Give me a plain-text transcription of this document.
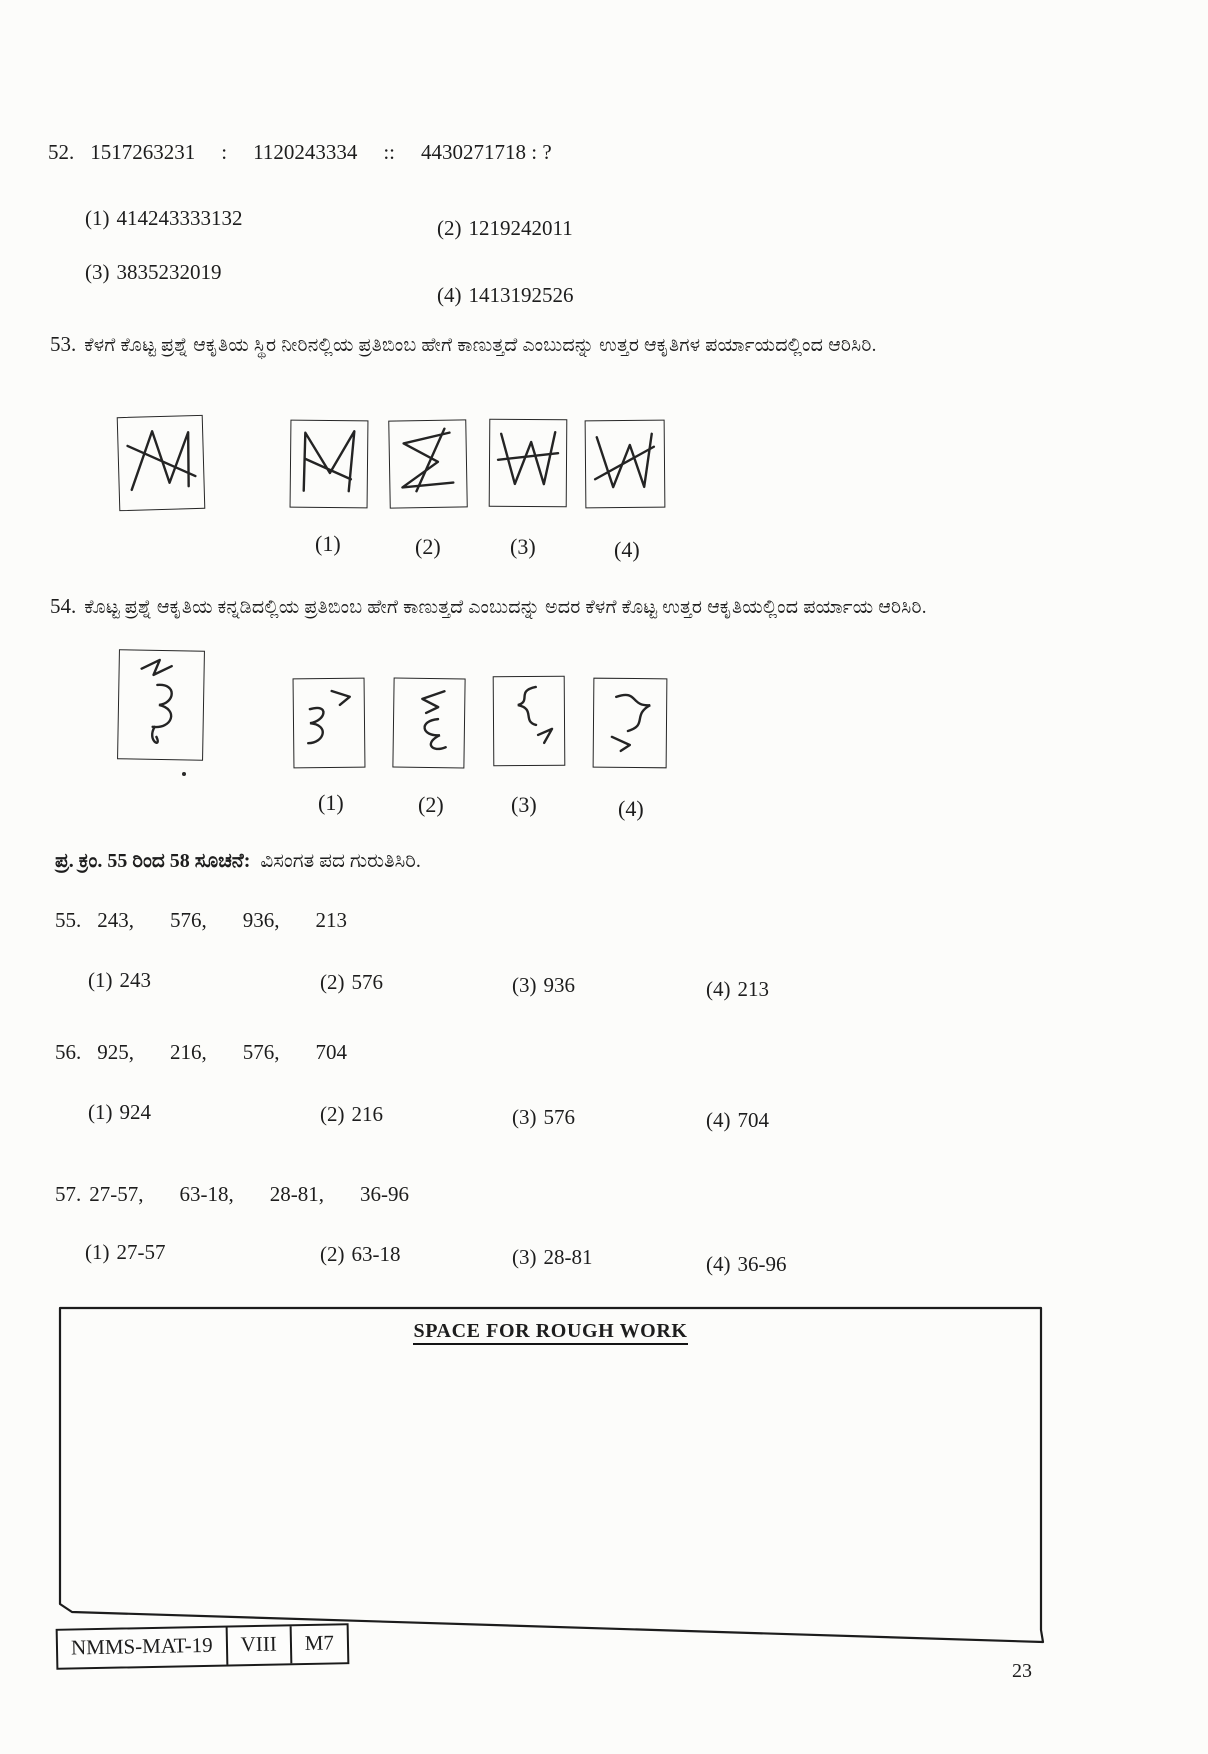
52. 1517263231 : 1120243334 :: 4430271718 : ?
(1) 414243333132	(2) 1219242011
(3) 3835232019
(4) 1413192526
53. ಕೆಳಗೆ ಕೊಟ್ಟ ಪ್ರಶ್ನೆ ಆಕೃತಿಯ ಸ್ಥಿರ ನೀರಿನಲ್ಲಿಯ ಪ್ರತಿಬಿಂಬ ಹೇಗೆ ಕಾಣುತ್ತದೆ ಎಂಬುದನ್ನು ಉತ್ತರ ಆಕೃತಿಗಳ ಪರ್ಯಾಯದಲ್ಲಿಂದ ಆರಿಸಿರಿ.
(1)	(2)	(3)	(4)
54. ಕೊಟ್ಟ ಪ್ರಶ್ನೆ ಆಕೃತಿಯ ಕನ್ನಡಿದಲ್ಲಿಯ ಪ್ರತಿಬಿಂಬ ಹೇಗೆ ಕಾಣುತ್ತದೆ ಎಂಬುದನ್ನು ಅದರ ಕೆಳಗೆ ಕೊಟ್ಟ ಉತ್ತರ ಆಕೃತಿಯಲ್ಲಿಂದ ಪರ್ಯಾಯ ಆರಿಸಿರಿ.
(1)	(2)	(3)	(4)
ಪ್ರ. ಕ್ರಂ. 55 ರಿಂದ 58 ಸೂಚನೆ: ವಿಸಂಗತ ಪದ ಗುರುತಿಸಿರಿ.
55. 243, 576, 936, 213
(1) 243	(2) 576	(3) 936	(4) 213
56. 925, 216, 576, 704
(1) 924	(2) 216	(3) 576	(4) 704
57. 27-57, 63-18, 28-81, 36-96
(1) 27-57	(2) 63-18	(3) 28-81	(4) 36-96
SPACE FOR ROUGH WORK
NMMS-MAT-19	VIII	M7
23
